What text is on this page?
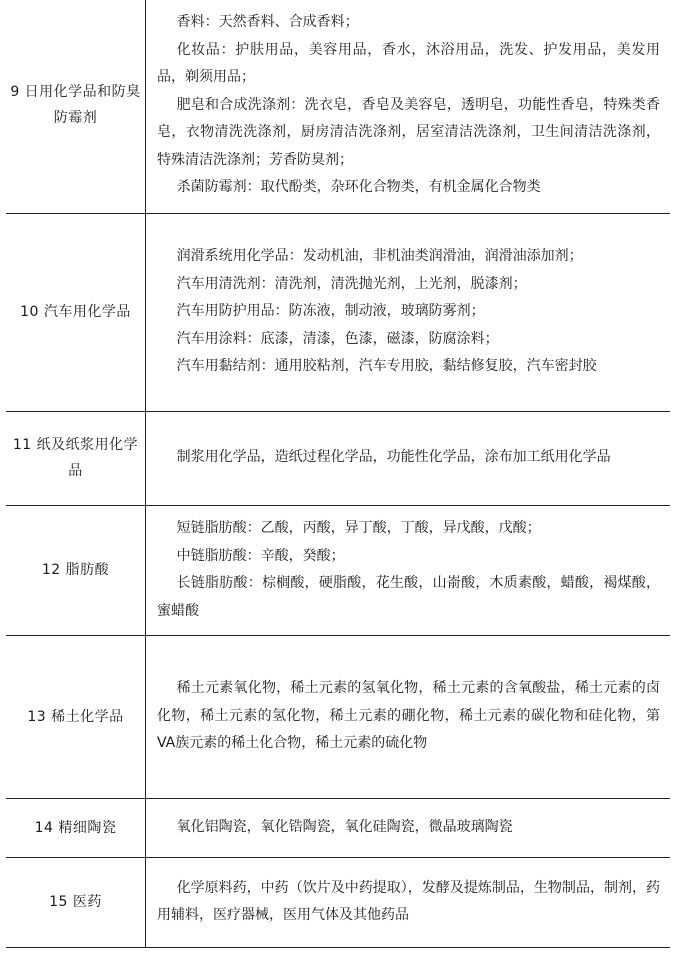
9 日用化学品和防臭防霉剂	香料：天然香料、合成香料；

化妆品：护肤用品，美容用品，香水，沐浴用品，洗发、护发用品，美发用品，剃须用品；

肥皂和合成洗涤剂：洗衣皂，香皂及美容皂，透明皂，功能性香皂，特殊类香皂，衣物清洗洗涤剂，厨房清洁洗涤剂，居室清洁洗涤剂，卫生间清洁洗涤剂，特殊清洁洗涤剂；芳香防臭剂；

杀菌防霉剂：取代酚类，杂环化合物类，有机金属化合物类

10 汽车用化学品	润滑系统用化学品：发动机油，非机油类润滑油，润滑油添加剂；

汽车用清洗剂：清洗剂，清洗抛光剂，上光剂，脱漆剂；

汽车用防护用品：防冻液，制动液，玻璃防雾剂；

汽车用涂料：底漆，清漆，色漆，磁漆，防腐涂料；

汽车用黏结剂：通用胶粘剂，汽车专用胶，黏结修复胶，汽车密封胶

11 纸及纸浆用化学品	制浆用化学品，造纸过程化学品，功能性化学品，涂布加工纸用化学品

12 脂肪酸	短链脂肪酸：乙酸，丙酸，异丁酸，丁酸，异戊酸，戊酸；

中链脂肪酸：辛酸，癸酸；

长链脂肪酸：棕榈酸，硬脂酸，花生酸，山嵛酸，木质素酸，蜡酸，褐煤酸，蜜蜡酸

13 稀土化学品	稀土元素氧化物，稀土元素的氢氧化物，稀土元素的含氧酸盐，稀土元素的卤化物，稀土元素的氢化物，稀土元素的硼化物，稀土元素的碳化物和硅化物，第VA族元素的稀土化合物，稀土元素的硫化物

14 精细陶瓷	氧化铝陶瓷，氧化锆陶瓷，氧化硅陶瓷，微晶玻璃陶瓷

15 医药	化学原料药，中药（饮片及中药提取），发酵及提炼制品，生物制品，制剂，药用辅料，医疗器械，医用气体及其他药品
